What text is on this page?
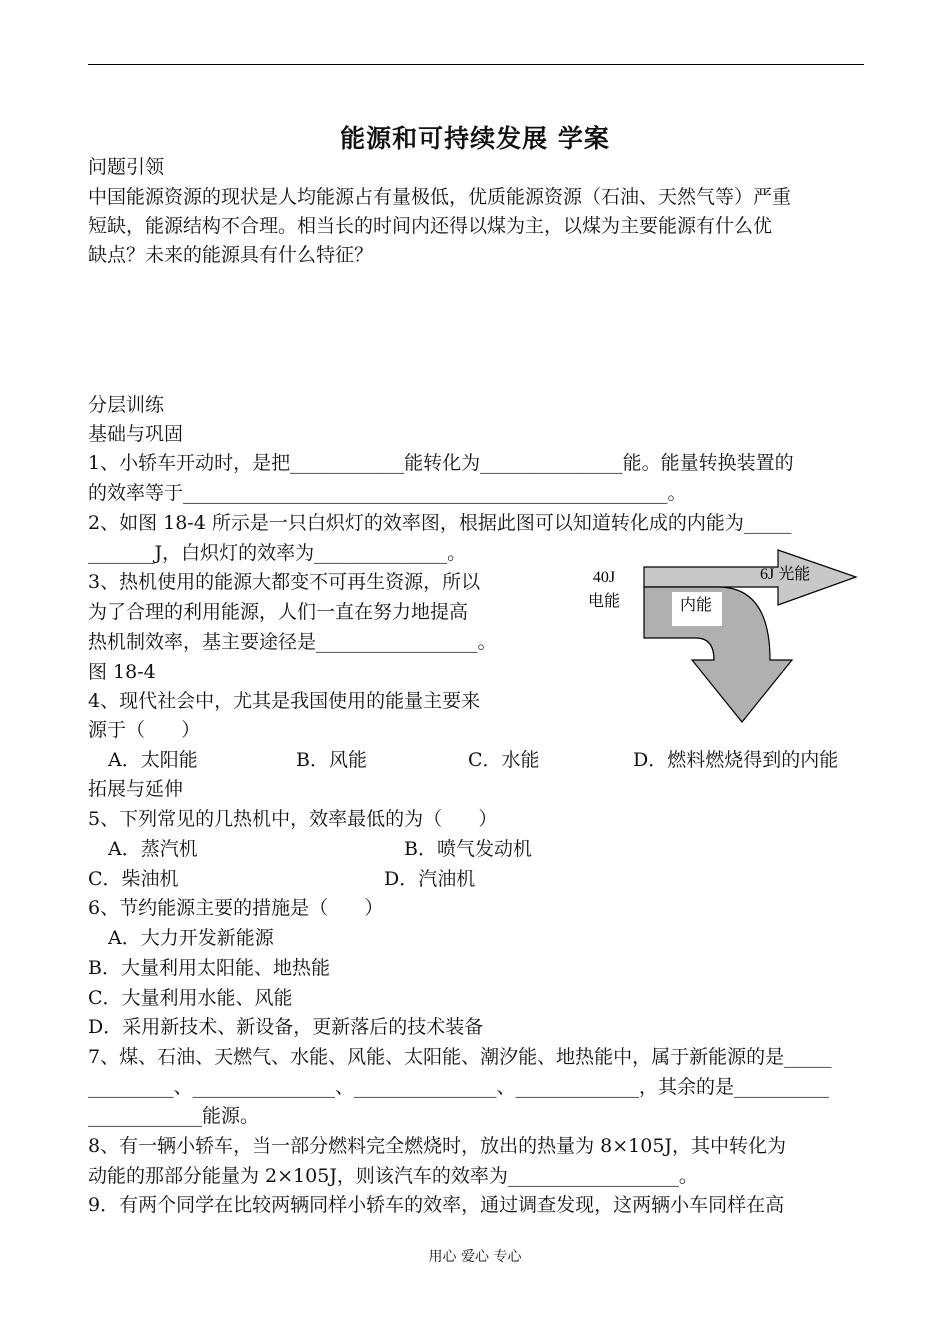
能源和可持续发展 学案
问题引领
中国能源资源的现状是人均能源占有量极低，优质能源资源（石油、天然气等）严重
短缺，能源结构不合理。相当长的时间内还得以煤为主，以煤为主要能源有什么优
缺点？未来的能源具有什么特征？
分层训练
基础与巩固
1、小轿车开动时，是把____________能转化为_______________能。能量转换装置的
的效率等于___________________________________________________。
2、如图 18-4 所示是一只白炽灯的效率图，根据此图可以知道转化成的内能为_____
_______J，白炽灯的效率为______________。
3、热机使用的能源大都变不可再生资源，所以
为了合理的利用能源，人们一直在努力地提高
热机制效率，基主要途径是_________________。
图 18-4
4、现代社会中，尤其是我国使用的能量主要来
源于（      ）
A．太阳能	B．风能	C．水能	D．燃料燃烧得到的内能
拓展与延伸
5、下列常见的几热机中，效率最低的为（      ）
A．蒸汽机	B．喷气发动机
C．柴油机	D．汽油机
6、节约能源主要的措施是（      ）
A．大力开发新能源
B．大量利用太阳能、地热能
C．大量利用水能、风能
D．采用新技术、新设备，更新落后的技术装备
7、煤、石油、天燃气、水能、风能、太阳能、潮汐能、地热能中，属于新能源的是_____
_________、_______________、_______________、_____________，其余的是__________
____________能源。
8、有一辆小轿车，当一部分燃料完全燃烧时，放出的热量为 8×105J，其中转化为
动能的那部分能量为 2×105J，则该汽车的效率为__________________。
9．有两个同学在比较两辆同样小轿车的效率，通过调查发现，这两辆小车同样在高
40J
电能
6J 光能
内能
用心 爱心 专心
